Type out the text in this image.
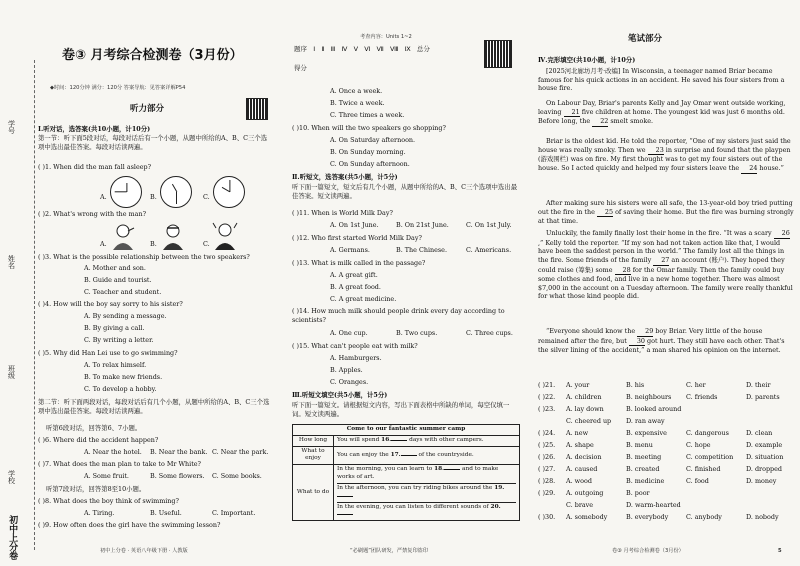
学号
姓名
班级
学校
初中上分卷
卷③ 月考综合检测卷（3月份）
◆时间：120分钟 满分：120分 答案导航：见答案详解P54
听力部分
Ⅰ.听对话，选答案(共10小题，计10分)
第一节：听下面5段对话，每段对话后有一个小题，从题中所给的A、B、C三个选项中选出最佳答案。每段对话读两遍。
( )1. When did the man fall asleep?
A.	B.	C.
( )2. What's wrong with the man?
A.	B.	C.
( )3. What is the possible relationship between the two speakers?
A. Mother and son.
B. Guide and tourist.
C. Teacher and student.
( )4. How will the boy say sorry to his sister?
A. By sending a message.
B. By giving a call.
C. By writing a letter.
( )5. Why did Han Lei use to go swimming?
A. To relax himself.
B. To make new friends.
C. To develop a hobby.
第二节：听下面两段对话，每段对话后有几个小题，从题中所给的A、B、C三个选项中选出最佳答案。每段对话读两遍。
听第6段对话，回答第6、7小题。
( )6. Where did the accident happen?
A. Near the hotel. B. Near the bank. C. Near the park.
( )7. What does the man plan to take to Mr White?
A. Some fruit.	B. Some flowers. C. Some books.
听第7段对话，回答第8至10小题。
( )8. What does the boy think of swimming?
A. Tiring.	B. Useful.	C. Important.
( )9. How often does the girl have the swimming lesson?
初中上分卷 · 英语八年级下册 · 人教版
考查内容：Units 1~2
题序 Ⅰ Ⅱ Ⅲ Ⅳ Ⅴ Ⅵ Ⅶ Ⅷ Ⅸ 总分
得分
A. Once a week.
B. Twice a week.
C. Three times a week.
( )10. When will the two speakers go shopping?
A. On Saturday afternoon.
B. On Sunday morning.
C. On Sunday afternoon.
Ⅱ.听短文，选答案(共5小题，计5分)
听下面一篇短文，短文后有几个小题，从题中所给的A、B、C三个选项中选出最佳答案。短文读两遍。
( )11. When is World Milk Day?
A. On 1st June.	B. On 21st June.	C. On 1st July.
( )12. Who first started World Milk Day?
A. Germans.	B. The Chinese.	C. Americans.
( )13. What is milk called in the passage?
A. A great gift.
B. A great food.
C. A great medicine.
( )14. How much milk should people drink every day according to scientists?
A. One cup.	B. Two cups.	C. Three cups.
( )15. What can't people eat with milk?
A. Hamburgers.
B. Apples.
C. Oranges.
Ⅲ.听短文填空(共5小题，计5分)
听下面一篇短文。请根据短文内容，写出下面表格中所缺的单词，每空仅填一词。短文读两遍。
Come to our fantastic summer camp	
How long	You will spend 16. days with other campers.
What to enjoy	You can enjoy the 17. of the countryside.
What to do	In the morning, you can learn to 18. and to make works of art.
In the afternoon, you can try riding bikes around the 19.
In the evening, you can listen to different sounds of 20.
“必刷题”团队研发，严禁复印盗印
笔试部分
Ⅳ.完形填空(共10小题，计10分)
[2025河北廊坊月考·改编] In Wisconsin, a teenager named Briar became famous for his quick actions in an accident. He saved his four sisters from a house fire.
On Labour Day, Briar's parents Kelly and Jay Omar went outside working, leaving 21 five children at home. The youngest kid was just 6 months old. Before long, the 22 smelt smoke.
Briar is the oldest kid. He told the reporter, “One of my sisters just said the house was really smoky. Then we 23 in surprise and found that the playpen (游戏围栏) was on fire. My first thought was to get my four sisters out of the house. So I acted quickly and helped my four sisters leave the 24 house.”
After making sure his sisters were all safe, the 13-year-old boy tried putting out the fire in the 25 of saving their home. But the fire was burning strongly at that time.
Unluckily, the family finally lost their home in the fire. “It was a scary 26,” Kelly told the reporter. “If my son had not taken action like that, I would have been the saddest person in the world.” The family lost all the things in the fire. Some friends of the family 27 an account (账户). They hoped they could raise (筹集) some 28 for the Omar family. Then the family could buy some clothes and food, and live in a new home together. There was almost $7,000 in the account on a Tuesday afternoon. The family were really thankful for what those kind people did.
“Everyone should know the 29 boy Briar. Very little of the house remained after the fire, but 30 got hurt. They still have each other. That's the silver lining of the accident,” a man shared his opinion on the internet.
( )21. A. your	B. his	C. her	D. their
( )22. A. children	B. neighbours C. friends	D. parents
( )23. A. lay down	B. looked around
C. cheered up D. ran away
( )24. A. new	B. expensive	C. dangerous	D. clean
( )25. A. shape	B. menu	C. hope	D. example
( )26. A. decision	B. meeting	C. competition D. situation
( )27. A. caused	B. created	C. finished	D. dropped
( )28. A. wood	B. medicine	C. food	D. money
( )29. A. outgoing	B. poor
C. brave	D. warm-hearted
( )30. A. somebody	B. everybody	C. anybody	D. nobody
卷③ 月考综合检测卷（3月份）	5
